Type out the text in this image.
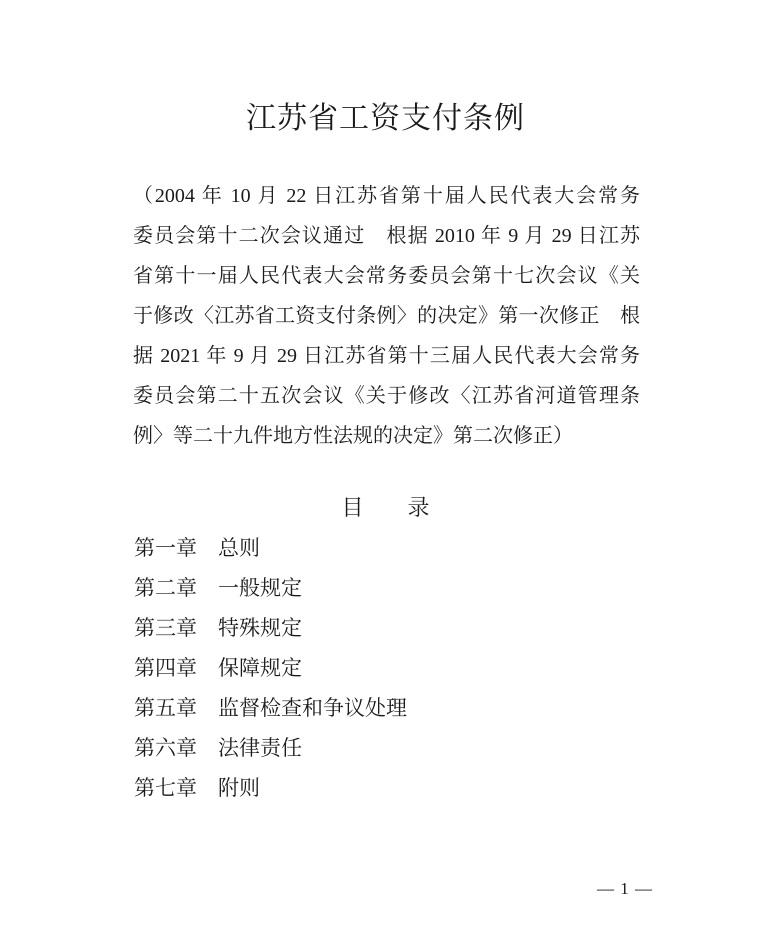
江苏省工资支付条例
（2004 年 10 月 22 日江苏省第十届人民代表大会常务
委员会第十二次会议通过　根据 2010 年 9 月 29 日江苏
省第十一届人民代表大会常务委员会第十七次会议《关
于修改〈江苏省工资支付条例〉的决定》第一次修正　根
据 2021 年 9 月 29 日江苏省第十三届人民代表大会常务
委员会第二十五次会议《关于修改〈江苏省河道管理条
例〉等二十九件地方性法规的决定》第二次修正）
目　　录
第一章 总则
第二章 一般规定
第三章 特殊规定
第四章 保障规定
第五章 监督检查和争议处理
第六章 法律责任
第七章 附则
— 1 —
